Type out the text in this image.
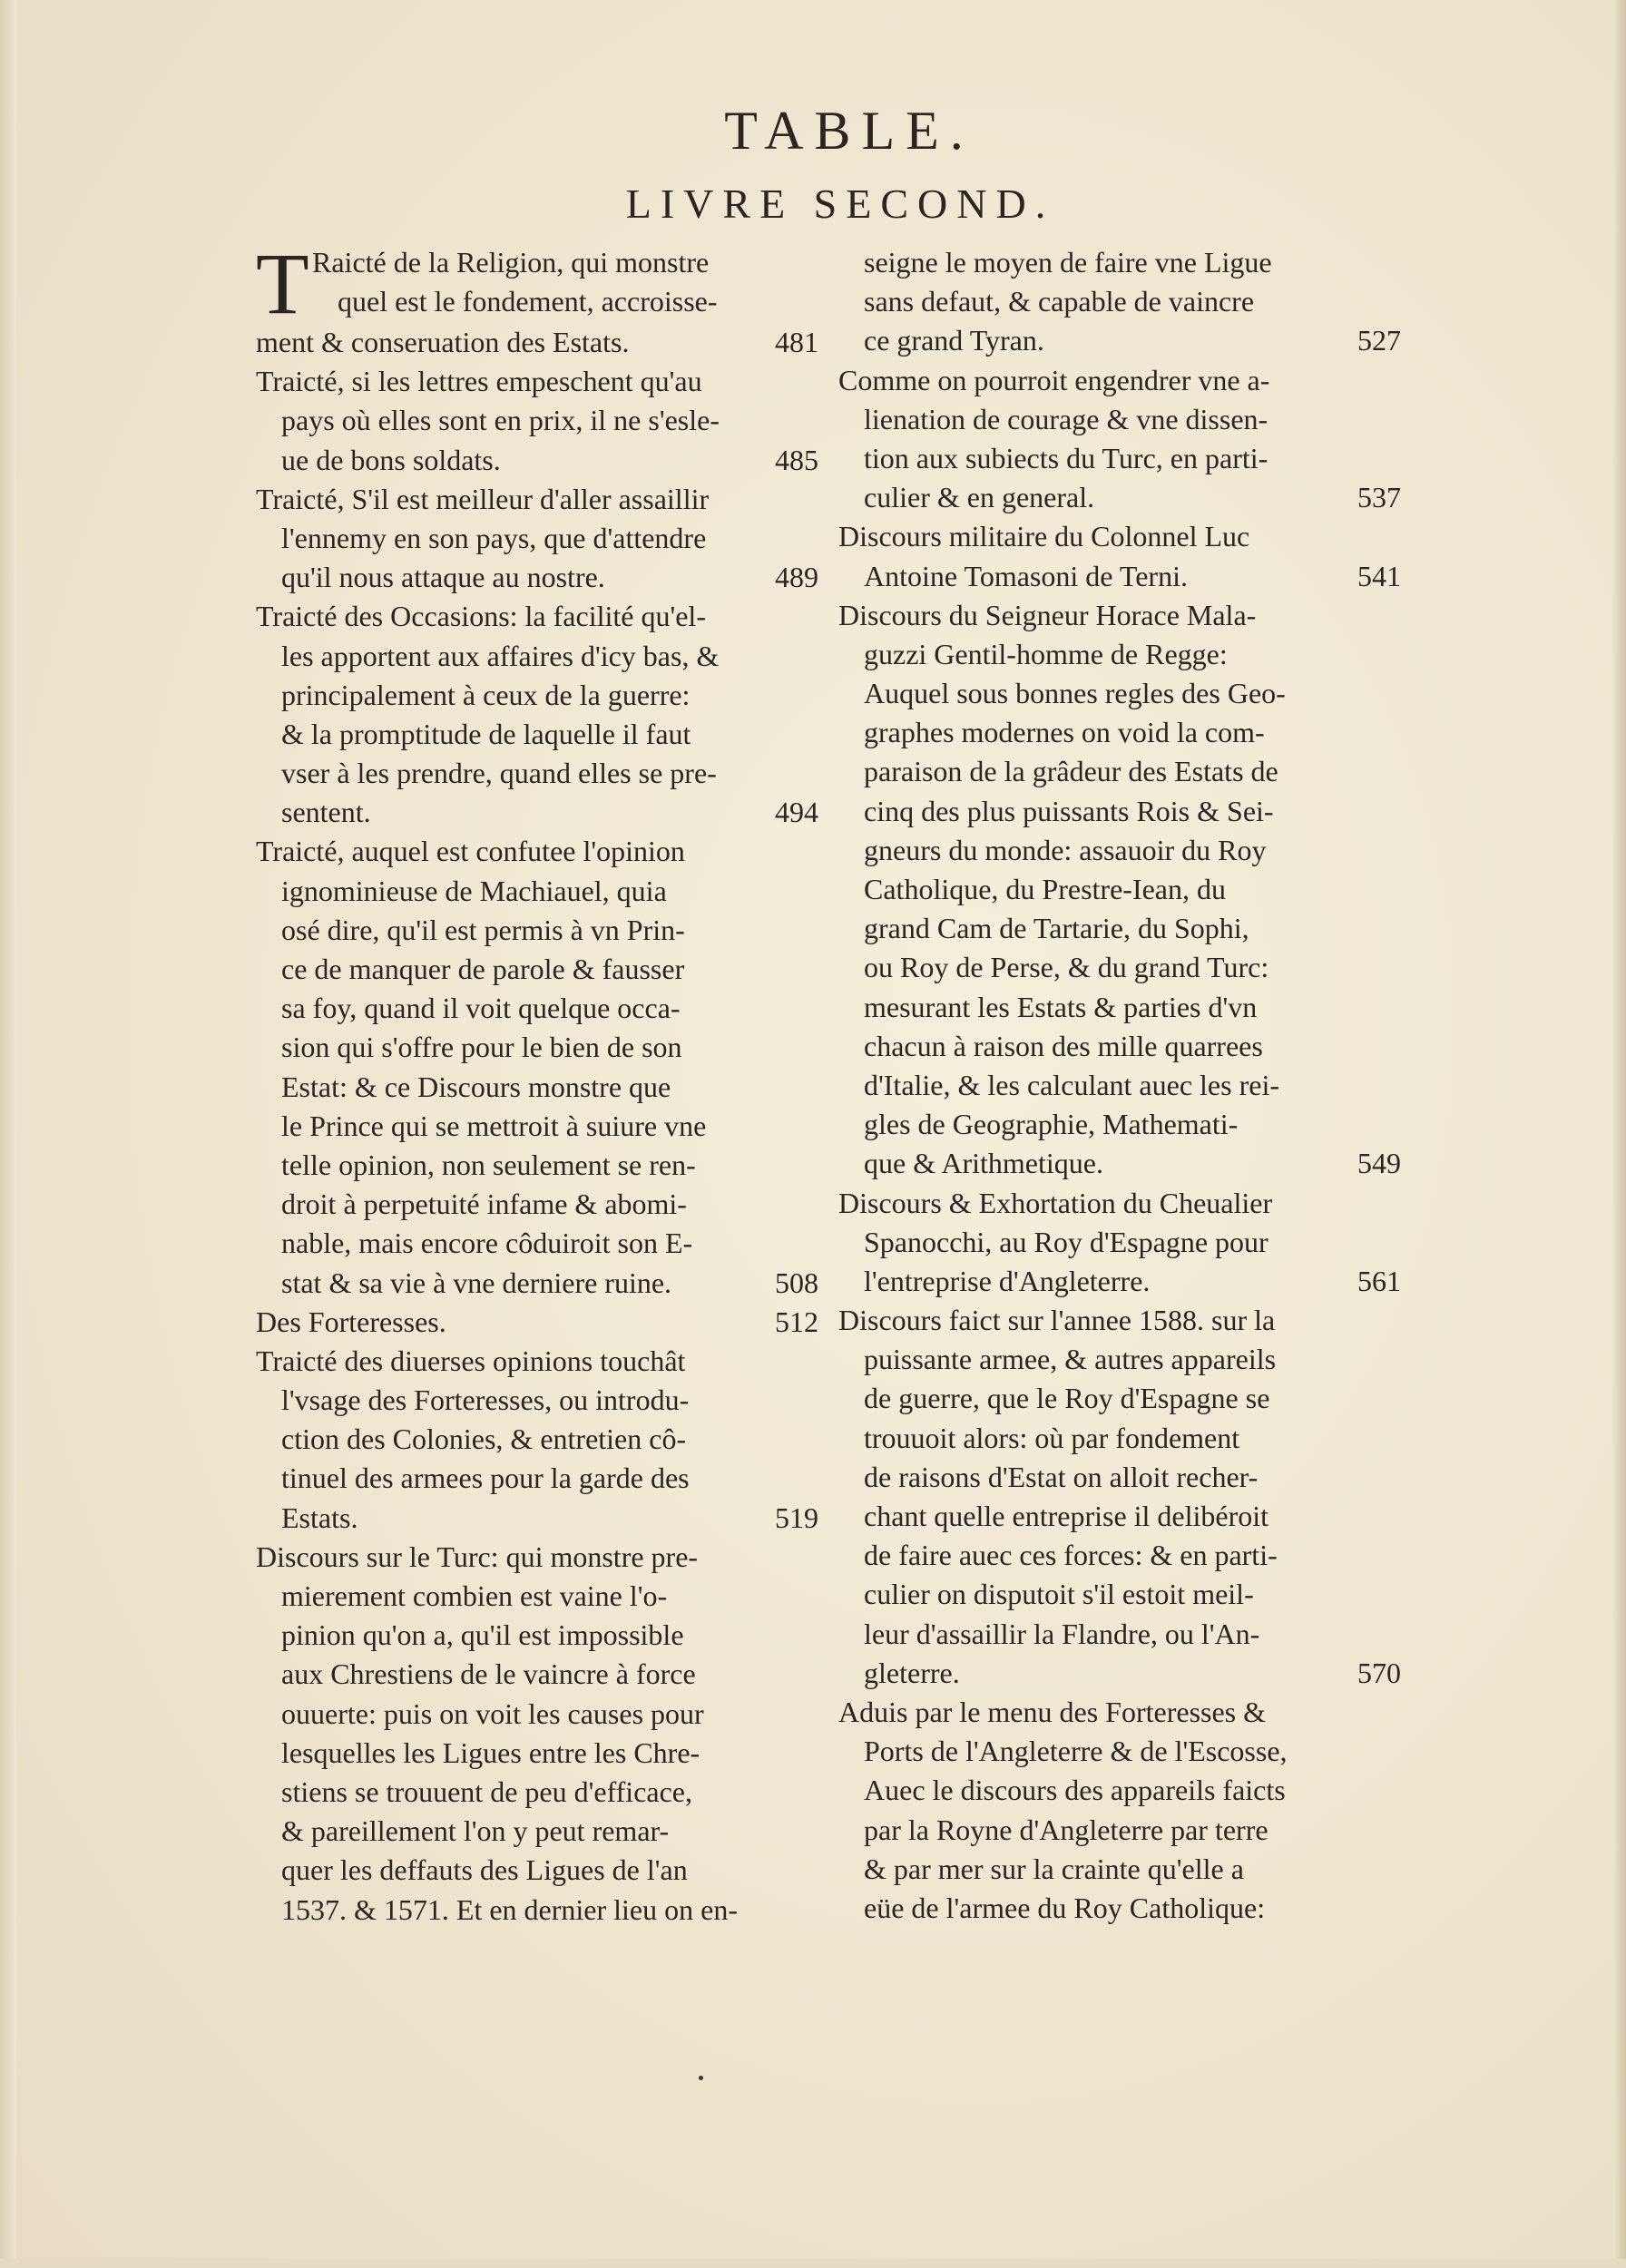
TABLE.
LIVRE SECOND.
T Raicté de la Religion, qui monstre
quel est le fondement, accroisse-
ment & conseruation des Estats.	481
Traicté, si les lettres empeschent qu'au
pays où elles sont en prix, il ne s'esle-
ue de bons soldats.	485
Traicté, S'il est meilleur d'aller assaillir
l'ennemy en son pays, que d'attendre
qu'il nous attaque au nostre.	489
Traicté des Occasions: la facilité qu'el-
les apportent aux affaires d'icy bas, &
principalement à ceux de la guerre:
& la promptitude de laquelle il faut
vser à les prendre, quand elles se pre-
sentent.	494
Traicté, auquel est confutee l'opinion
ignominieuse de Machiauel, quia
osé dire, qu'il est permis à vn Prin-
ce de manquer de parole & fausser
sa foy, quand il voit quelque occa-
sion qui s'offre pour le bien de son
Estat: & ce Discours monstre que
le Prince qui se mettroit à suiure vne
telle opinion, non seulement se ren-
droit à perpetuité infame & abomi-
nable, mais encore côduiroit son E-
stat & sa vie à vne derniere ruine.	508
Des Forteresses.	512
Traicté des diuerses opinions touchât
l'vsage des Forteresses, ou introdu-
ction des Colonies, & entretien cô-
tinuel des armees pour la garde des
Estats.	519
Discours sur le Turc: qui monstre pre-
mierement combien est vaine l'o-
pinion qu'on a, qu'il est impossible
aux Chrestiens de le vaincre à force
ouuerte: puis on voit les causes pour
lesquelles les Ligues entre les Chre-
stiens se trouuent de peu d'efficace,
& pareillement l'on y peut remar-
quer les deffauts des Ligues de l'an
1537. & 1571. Et en dernier lieu on en-
seigne le moyen de faire vne Ligue
sans defaut, & capable de vaincre
ce grand Tyran.	527
Comme on pourroit engendrer vne a-
lienation de courage & vne dissen-
tion aux subiects du Turc, en parti-
culier & en general.	537
Discours militaire du Colonnel Luc
Antoine Tomasoni de Terni.	541
Discours du Seigneur Horace Mala-
guzzi Gentil-homme de Regge:
Auquel sous bonnes regles des Geo-
graphes modernes on void la com-
paraison de la grâdeur des Estats de
cinq des plus puissants Rois & Sei-
gneurs du monde: assauoir du Roy
Catholique, du Prestre-Iean, du
grand Cam de Tartarie, du Sophi,
ou Roy de Perse, & du grand Turc:
mesurant les Estats & parties d'vn
chacun à raison des mille quarrees
d'Italie, & les calculant auec les rei-
gles de Geographie, Mathemati-
que & Arithmetique.	549
Discours & Exhortation du Cheualier
Spanocchi, au Roy d'Espagne pour
l'entreprise d'Angleterre.	561
Discours faict sur l'annee 1588. sur la
puissante armee, & autres appareils
de guerre, que le Roy d'Espagne se
trouuoit alors: où par fondement
de raisons d'Estat on alloit recher-
chant quelle entreprise il delibéroit
de faire auec ces forces: & en parti-
culier on disputoit s'il estoit meil-
leur d'assaillir la Flandre, ou l'An-
gleterre.	570
Aduis par le menu des Forteresses &
Ports de l'Angleterre & de l'Escosse,
Auec le discours des appareils faicts
par la Royne d'Angleterre par terre
& par mer sur la crainte qu'elle a
eüe de l'armee du Roy Catholique:
